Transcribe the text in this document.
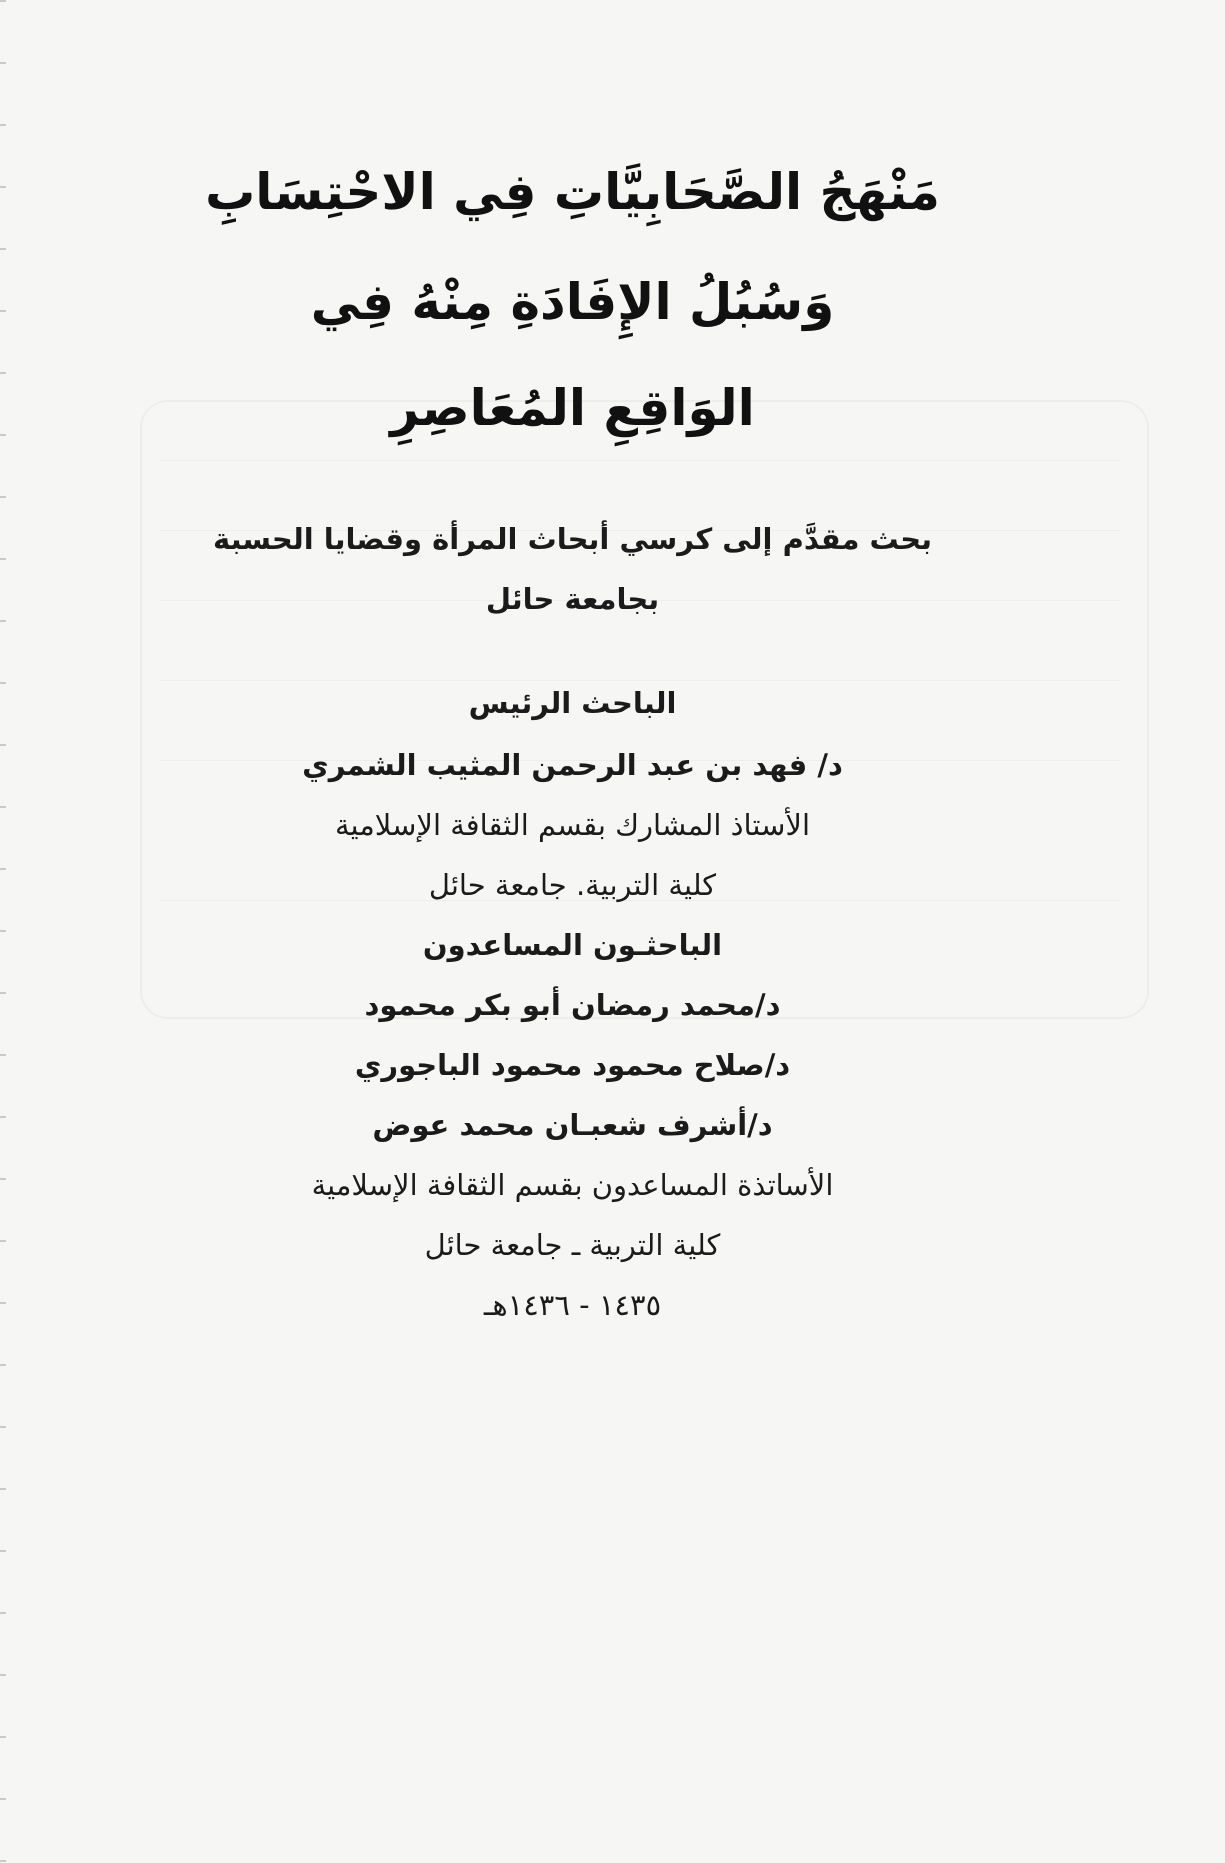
مَنْهَجُ الصَّحَابِيَّاتِ فِي الاحْتِسَابِ
وَسُبُلُ الإِفَادَةِ مِنْهُ فِي
الوَاقِعِ المُعَاصِرِ
بحث مقدَّم إلى كرسي أبحاث المرأة وقضايا الحسبة
بجامعة حائل
الباحث الرئيس
د/ فهد بن عبد الرحمن المثيب الشمري
الأستاذ المشارك بقسم الثقافة الإسلامية
كلية التربية. جامعة حائل
الباحثـون المساعدون
د/محمد رمضان أبو بكر محمود
د/صلاح محمود محمود الباجوري
د/أشرف شعبـان محمد عوض
الأساتذة المساعدون بقسم الثقافة الإسلامية
كلية التربية ـ جامعة حائل
١٤٣٥ - ١٤٣٦هـ
